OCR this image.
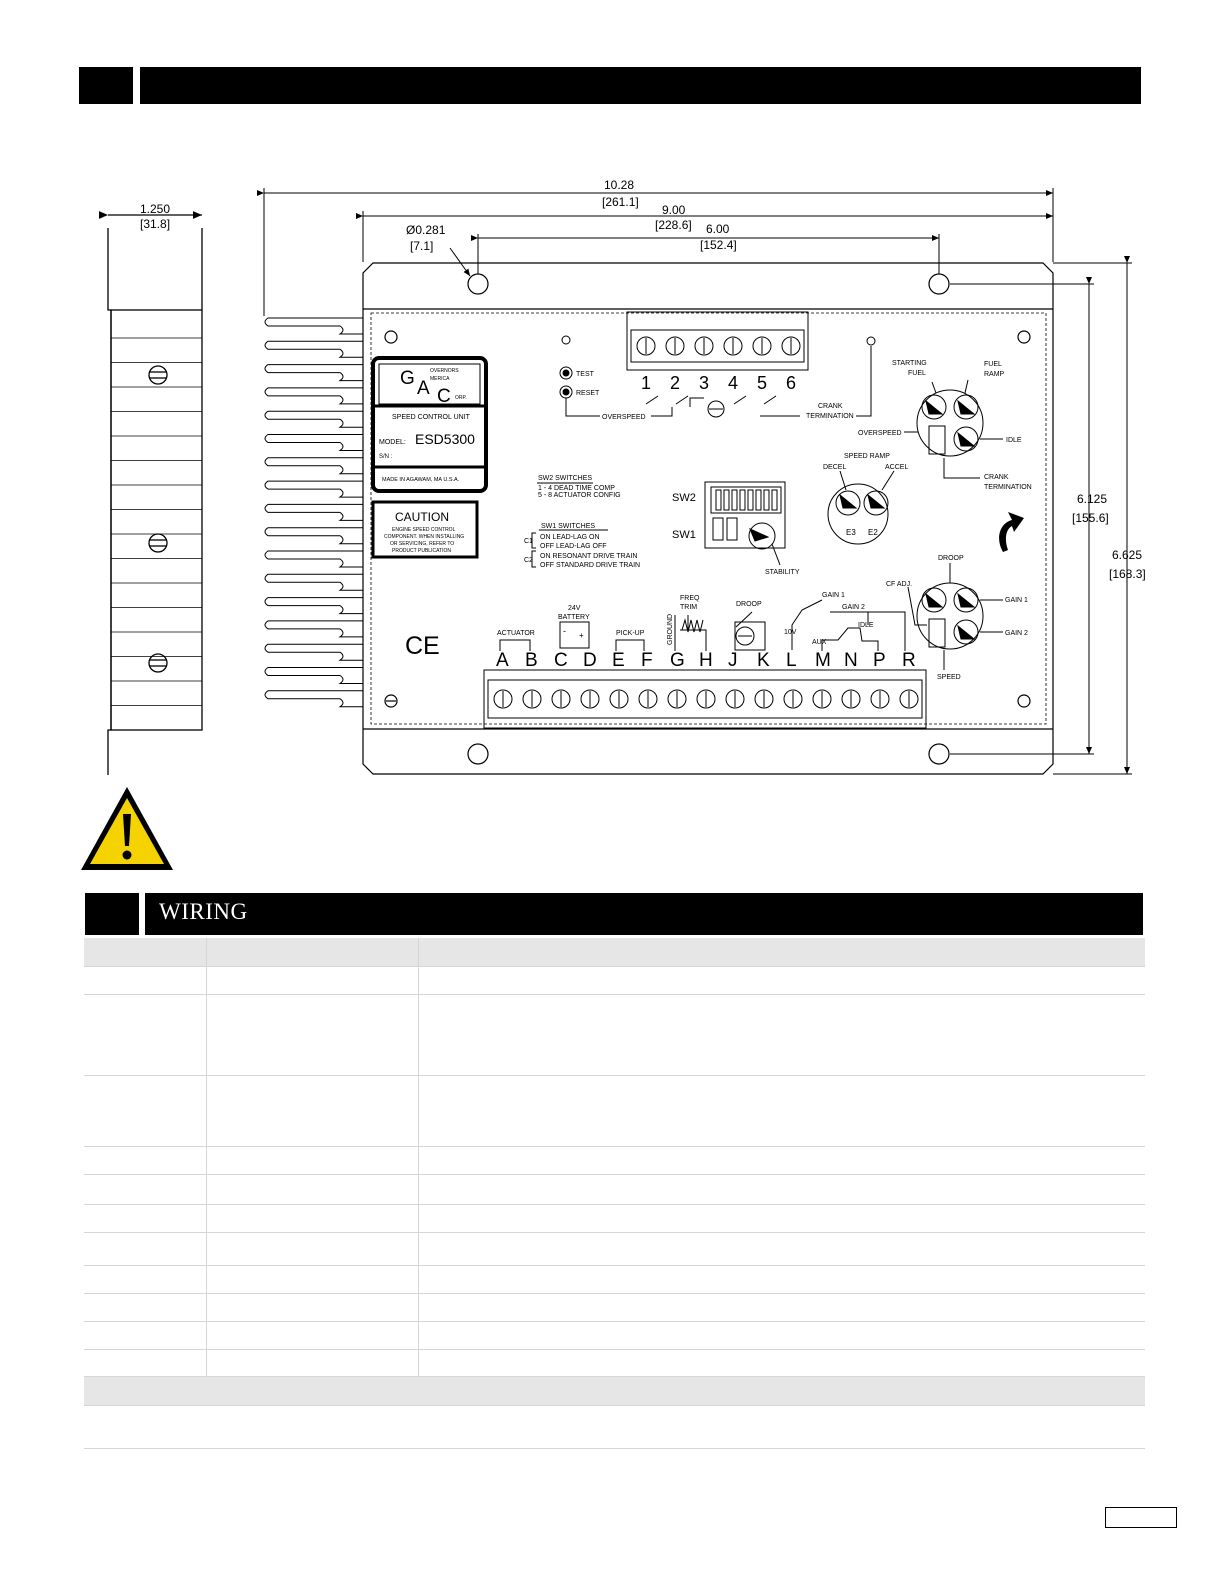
1.250
[31.8]
10.28
[261.1]
9.00
[228.6] 6.00
[152.4]
Ø0.281
[7.1]
6.125
[155.6]
6.625
[168.3]
1 2 3 4 5 6
A B C D E F G H J K L M N P R
G A C
OVERNORS
MERICA
ORP.
SPEED CONTROL UNIT
MODEL: ESD5300
S/N :
MADE IN AGAWAM, MA U.S.A.
CAUTION
ENGINE SPEED CONTROL
COMPONENT. WHEN INSTALLING
OR SERVICING, REFER TO
PRODUCT PUBLICATION
TEST
RESET
OVERSPEED
CRANK
TERMINATION
STARTING
FUEL
FUEL
RAMP
OVERSPEED
IDLE
CRANK
TERMINATION
SPEED RAMP
DECEL	ACCEL
E3 E2
SW2 SWITCHES
1 - 4 DEAD TIME COMP
5 - 8 ACTUATOR CONFIG
SW1 SWITCHES
C1
ON LEAD-LAG ON
OFF LEAD-LAG OFF
C2
ON RESONANT DRIVE TRAIN
OFF STANDARD DRIVE TRAIN
SW2
SW1
STABILITY
DROOP
CF ADJ.
GAIN 1
GAIN 2
SPEED
ACTUATOR
24V
BATTERY
- +	PICK-UP	GROUND
FREQ
TRIM	DROOP
GAIN 1
GAIN 2
IDLE
10V
AUX
CE
WIRING
